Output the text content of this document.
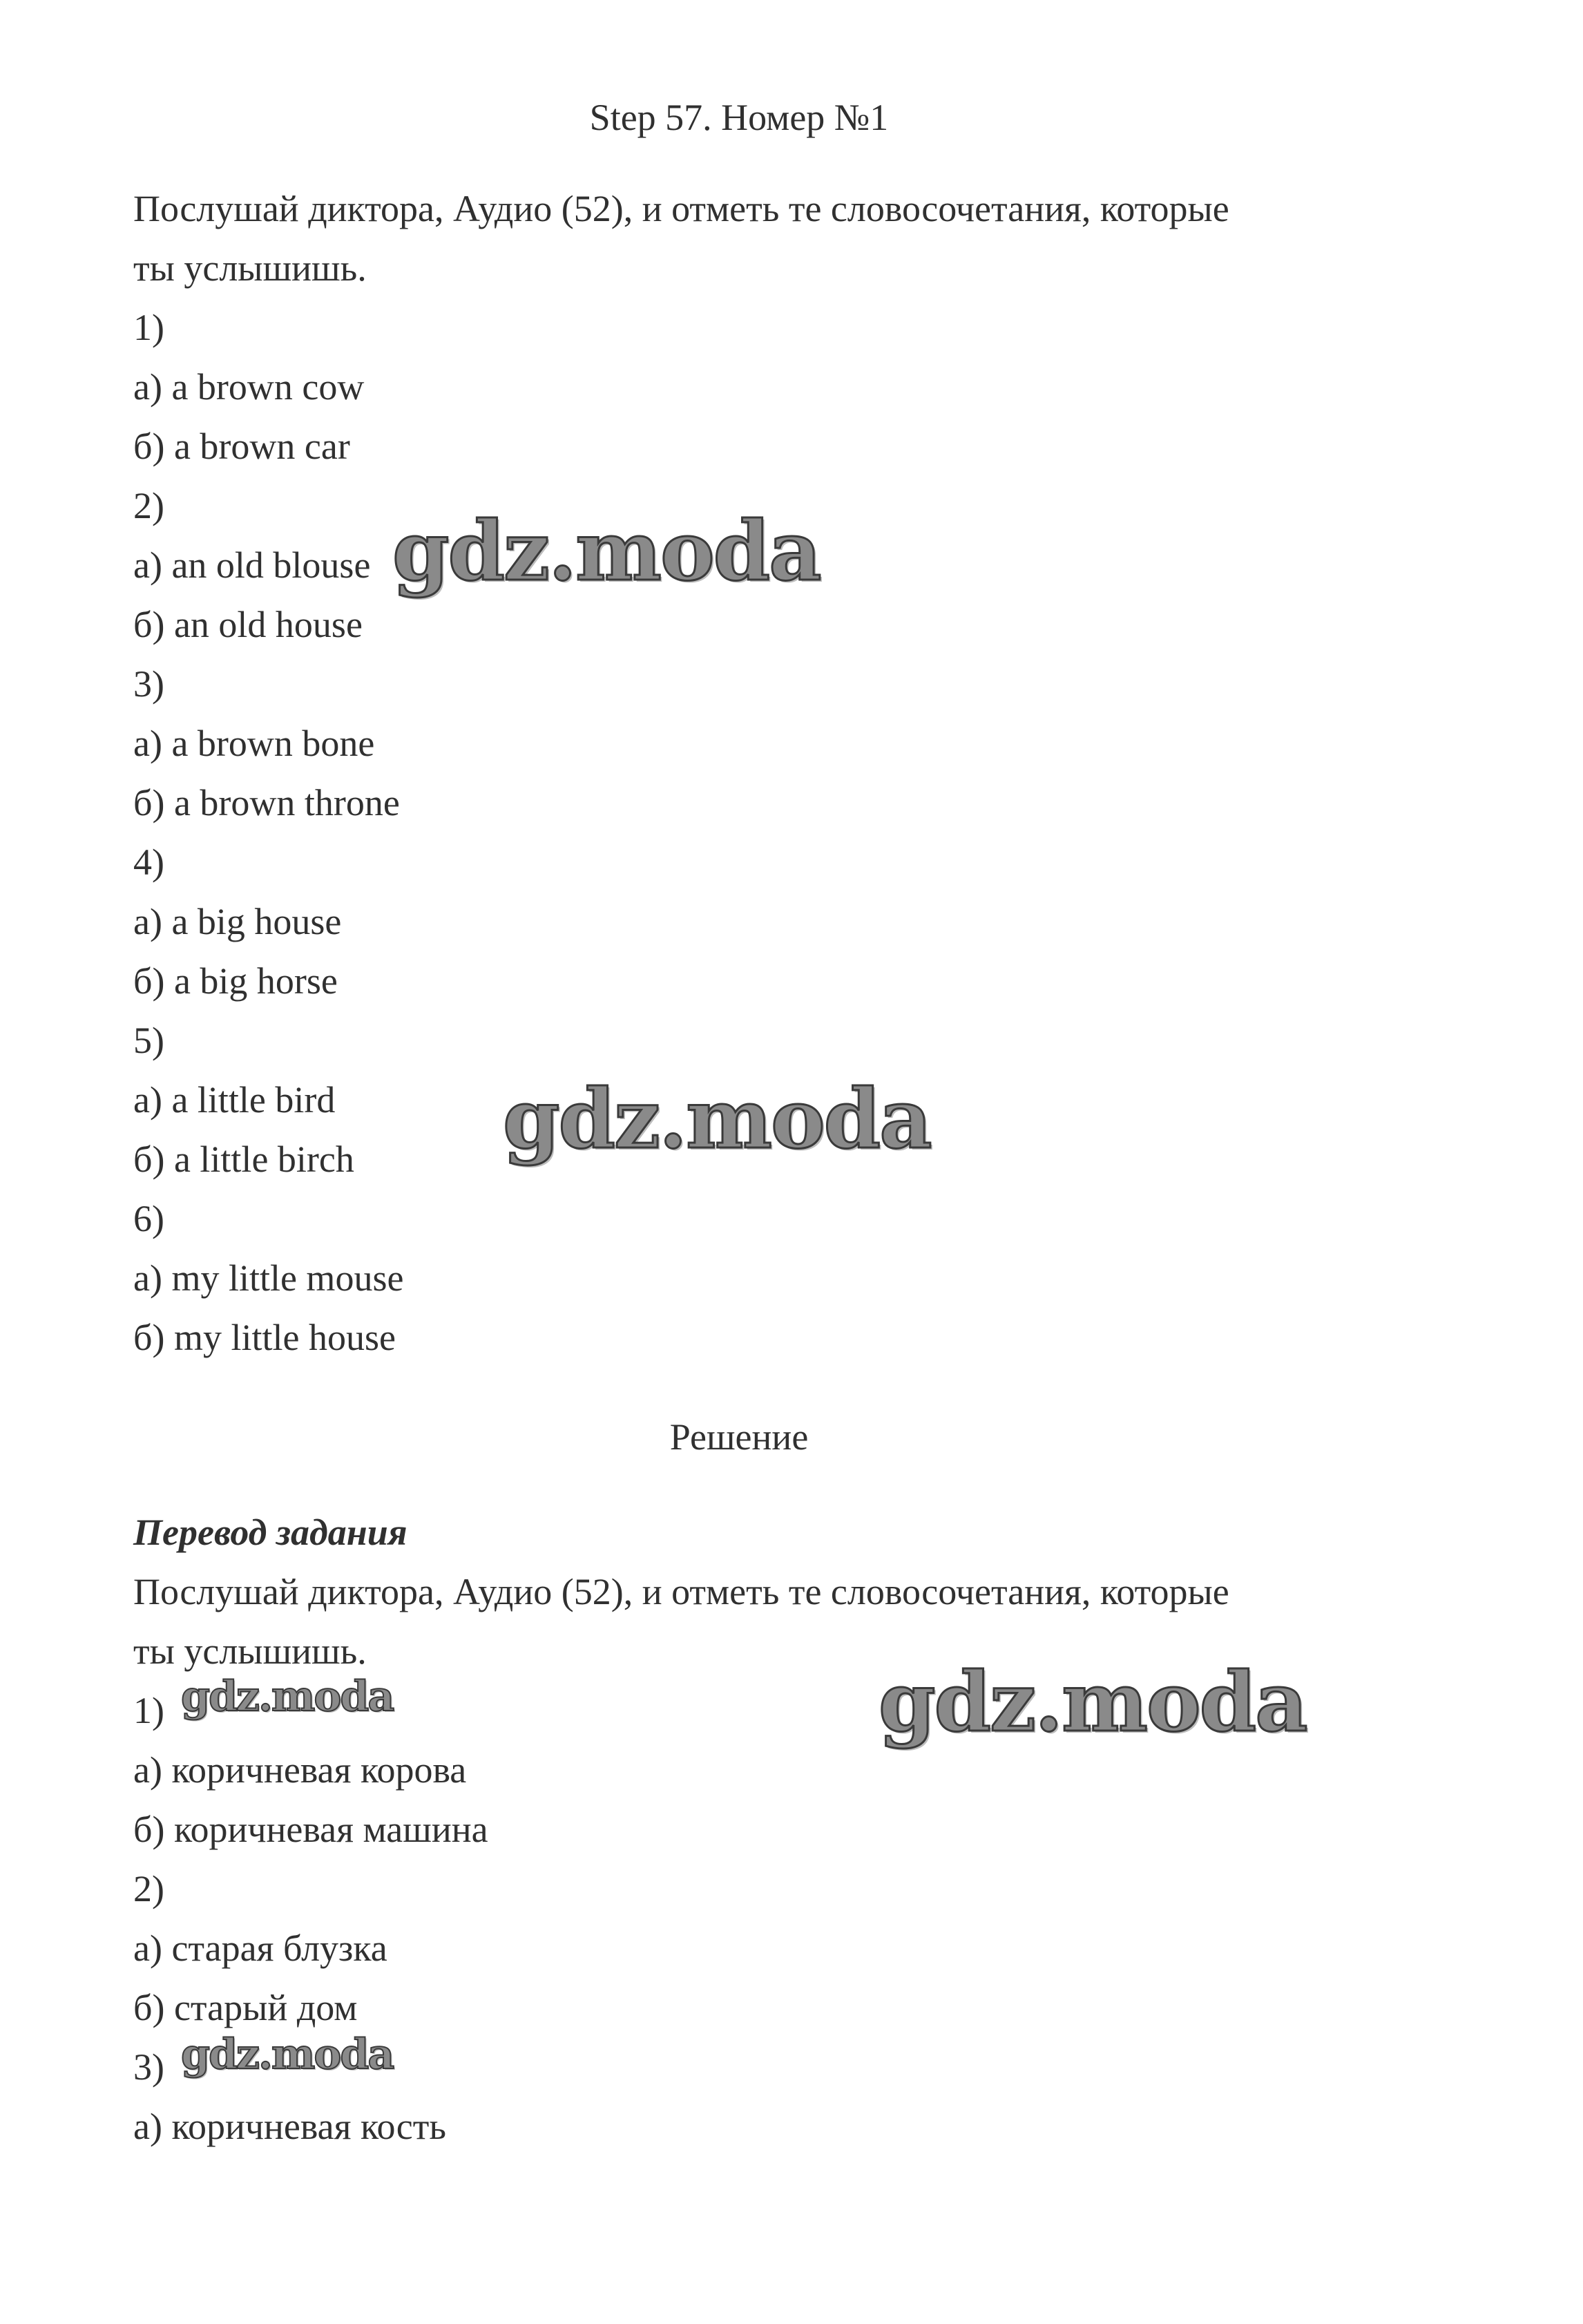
Step 57. Номер №1
Послушай диктора, Аудио (52), и отметь те словосочетания, которые
ты услышишь.
1)
а) a brown cow
б) a brown car
2)
а) an old blouse
б) an old house
3)
а) a brown bone
б) a brown throne
4)
а) a big house
б) a big horse
5)
а) a little bird
б) a little birch
6)
а) my little mouse
б) my little house
Решение
Перевод задания
Послушай диктора, Аудио (52), и отметь те словосочетания, которые
ты услышишь.
1)
а) коричневая корова
б) коричневая машина
2)
а) старая блузка
б) старый дом
3)
а) коричневая кость
gdz.moda
gdz.moda
gdz.moda
gdz.moda
gdz.moda
